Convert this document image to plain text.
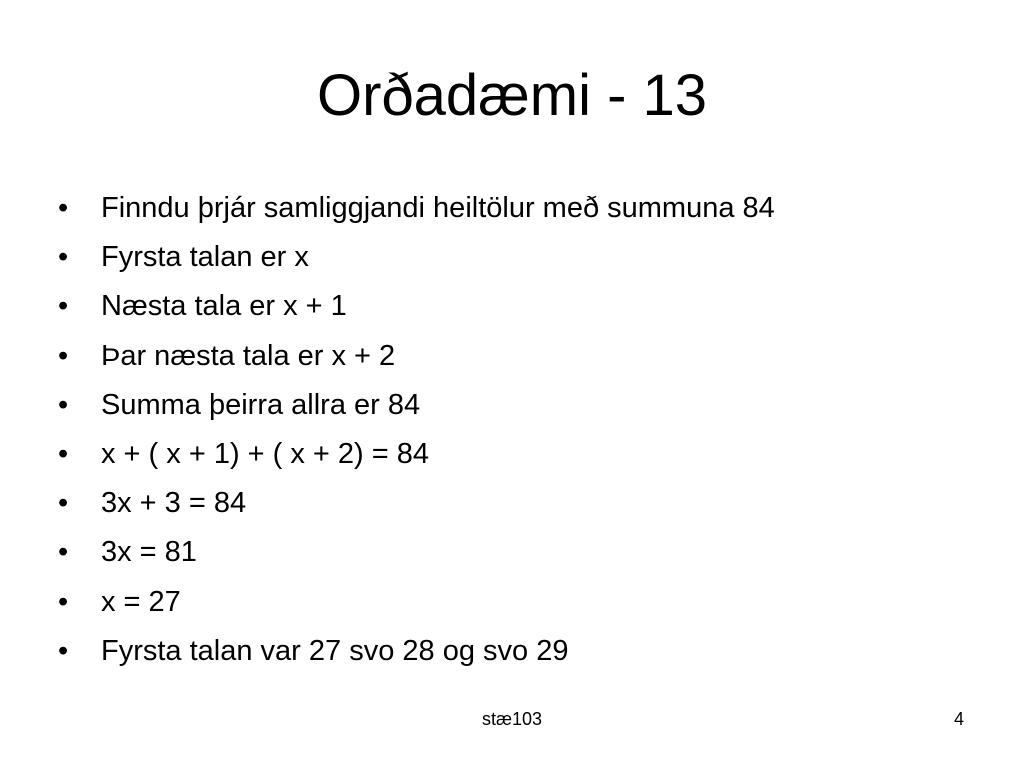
Orðadæmi - 13
•	Finndu þrjár samliggjandi heiltölur með summuna 84
•	Fyrsta talan er x
•	Næsta tala er x + 1
•	Þar næsta tala er x + 2
•	Summa þeirra allra er 84
•	x + ( x + 1) + ( x + 2) = 84
•	3x + 3 = 84
•	3x = 81
•	x = 27
•	Fyrsta talan var 27 svo 28 og svo 29
stæ103	4
